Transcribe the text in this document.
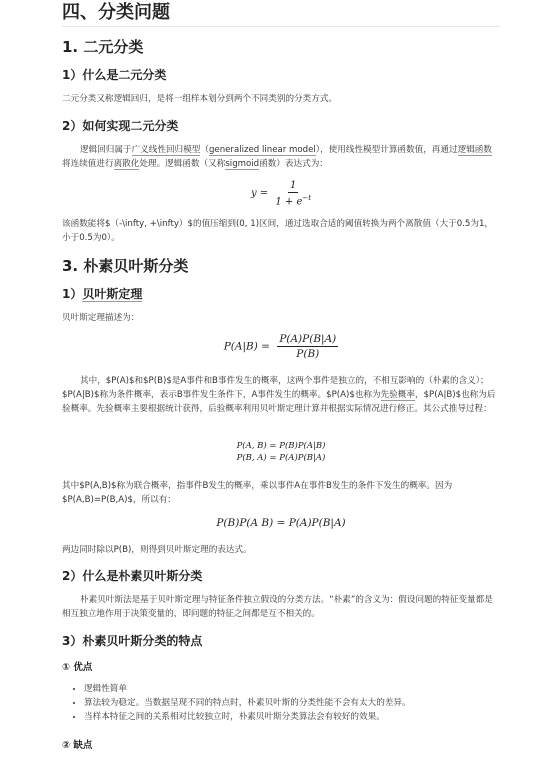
四、分类问题
1. 二元分类
1）什么是二元分类

二元分类又称逻辑回归，是将一组样本划分到两个不同类别的分类方式。

2）如何实现二元分类

逻辑回归属于广义线性回归模型（generalized linear model），使用线性模型计算函数值，再通过逻辑函数将连续值进行离散化处理。逻辑函数（又称sigmoid函数）表达式为：

$y = \frac{1}{1 + e^{-t}}$

该函数能将$（-\infty, +\infty）$的值压缩到(0, 1)区间，通过选取合适的阈值转换为两个离散值（大于0.5为1，小于0.5为0）。

3. 朴素贝叶斯分类
1）贝叶斯定理

贝叶斯定理描述为：

$P(A|B) = \frac{P(A)P(B|A)}{P(B)}$

其中，$P(A)$和$P(B)$是A事件和B事件发生的概率，这两个事件是独立的，不相互影响的（朴素的含义）；$P(A|B)$称为条件概率，表示B事件发生条件下，A事件发生的概率。$P(A)$也称为先验概率，$P(A|B)$也称为后验概率。先验概率主要根据统计获得，后验概率利用贝叶斯定理计算并根据实际情况进行修正。其公式推导过程：

P(A, B) = P(B)P(A|B)
P(B, A) = P(A)P(B|A)

其中$P(A,B)$称为联合概率，指事件B发生的概率，乘以事件A在事件B发生的条件下发生的概率。因为$P(A,B)=P(B,A)$，所以有：

P(B)P(A B) = P(A)P(B|A)

两边同时除以P(B)，则得到贝叶斯定理的表达式。

2）什么是朴素贝叶斯分类

朴素贝叶斯法是基于贝叶斯定理与特征条件独立假设的分类方法。“朴素”的含义为：假设问题的特征变量都是相互独立地作用于决策变量的，即问题的特征之间都是互不相关的。

3）朴素贝叶斯分类的特点
① 优点
• 逻辑性简单
• 算法较为稳定。当数据呈现不同的特点时，朴素贝叶斯的分类性能不会有太大的差异。
• 当样本特征之间的关系相对比较独立时，朴素贝叶斯分类算法会有较好的效果。
② 缺点
